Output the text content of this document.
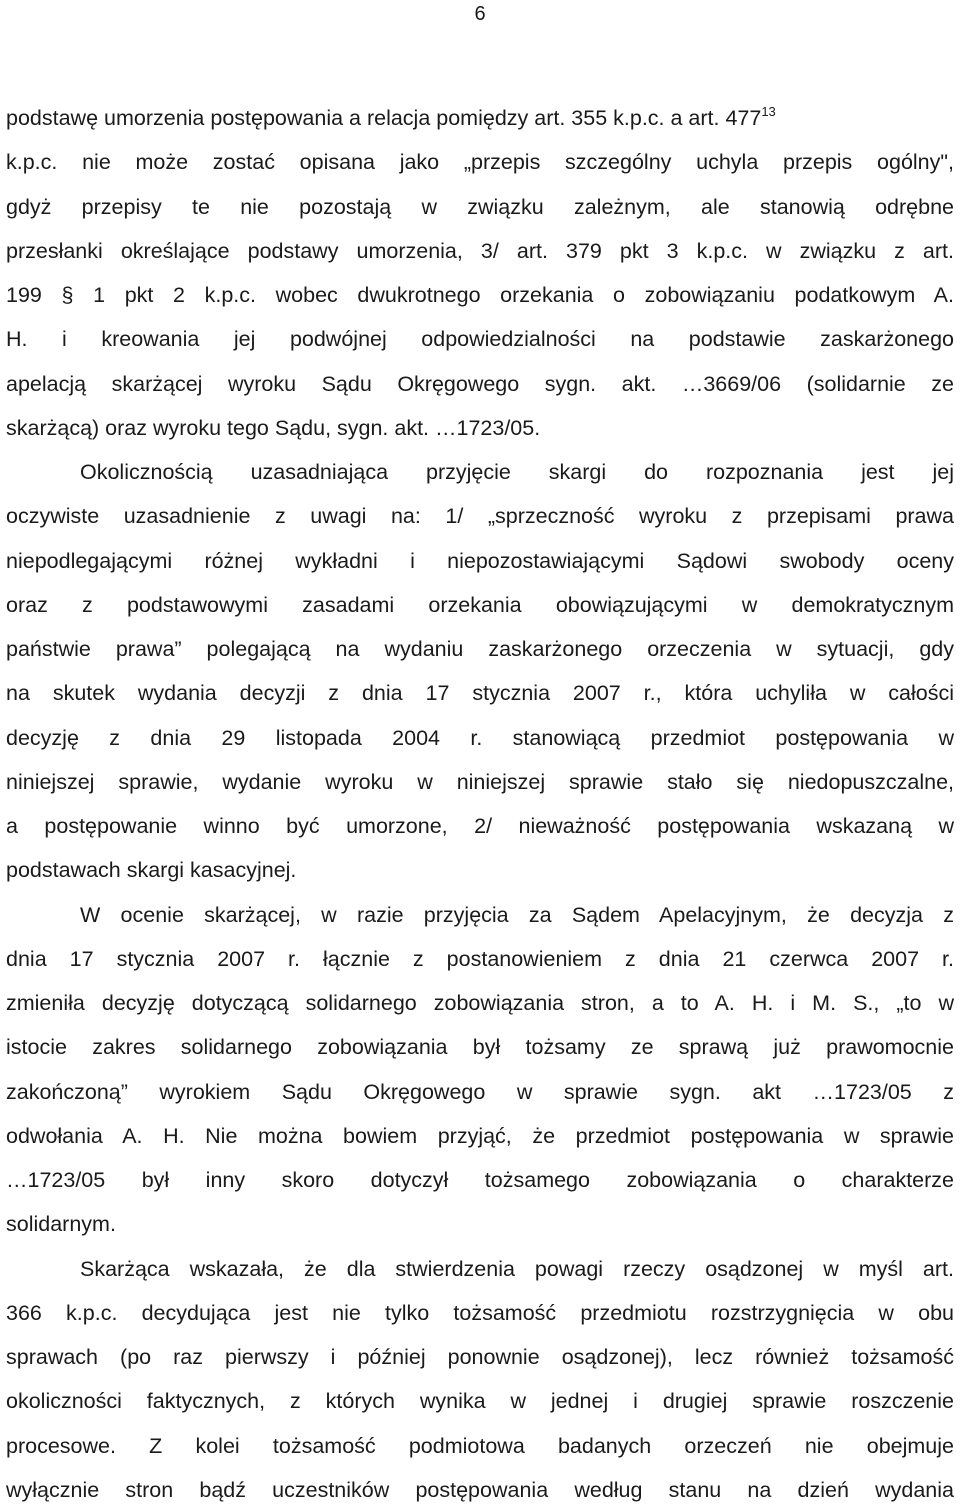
6
podstawę umorzenia postępowania a relacja pomiędzy art. 355 k.p.c. a art. 477$^{13}$
k.p.c. nie może zostać opisana jako „przepis szczególny uchyla przepis ogólny",
gdyż przepisy te nie pozostają w związku zależnym, ale stanowią odrębne
przesłanki określające podstawy umorzenia, 3/ art. 379 pkt 3 k.p.c. w związku z art.
199 § 1 pkt 2 k.p.c. wobec dwukrotnego orzekania o zobowiązaniu podatkowym A.
H. i kreowania jej podwójnej odpowiedzialności na podstawie zaskarżonego
apelacją skarżącej wyroku Sądu Okręgowego sygn. akt. …3669/06 (solidarnie ze
skarżącą) oraz wyroku tego Sądu, sygn. akt. …1723/05.
Okolicznością uzasadniająca przyjęcie skargi do rozpoznania jest jej
oczywiste uzasadnienie z uwagi na: 1/ „sprzeczność wyroku z przepisami prawa
niepodlegającymi różnej wykładni i niepozostawiającymi Sądowi swobody oceny
oraz z podstawowymi zasadami orzekania obowiązującymi w demokratycznym
państwie prawa” polegającą na wydaniu zaskarżonego orzeczenia w sytuacji, gdy
na skutek wydania decyzji z dnia 17 stycznia 2007 r., która uchyliła w całości
decyzję z dnia 29 listopada 2004 r. stanowiącą przedmiot postępowania w
niniejszej sprawie, wydanie wyroku w niniejszej sprawie stało się niedopuszczalne,
a postępowanie winno być umorzone, 2/ nieważność postępowania wskazaną w
podstawach skargi kasacyjnej.
W ocenie skarżącej, w razie przyjęcia za Sądem Apelacyjnym, że decyzja z
dnia 17 stycznia 2007 r. łącznie z postanowieniem z dnia 21 czerwca 2007 r.
zmieniła decyzję dotyczącą solidarnego zobowiązania stron, a to A. H. i M. S., „to w
istocie zakres solidarnego zobowiązania był tożsamy ze sprawą już prawomocnie
zakończoną” wyrokiem Sądu Okręgowego w sprawie sygn. akt …1723/05 z
odwołania A. H. Nie można bowiem przyjąć, że przedmiot postępowania w sprawie
…1723/05 był inny skoro dotyczył tożsamego zobowiązania o charakterze
solidarnym.
Skarżąca wskazała, że dla stwierdzenia powagi rzeczy osądzonej w myśl art.
366 k.p.c. decydująca jest nie tylko tożsamość przedmiotu rozstrzygnięcia w obu
sprawach (po raz pierwszy i później ponownie osądzonej), lecz również tożsamość
okoliczności faktycznych, z których wynika w jednej i drugiej sprawie roszczenie
procesowe. Z kolei tożsamość podmiotowa badanych orzeczeń nie obejmuje
wyłącznie stron bądź uczestników postępowania według stanu na dzień wydania
